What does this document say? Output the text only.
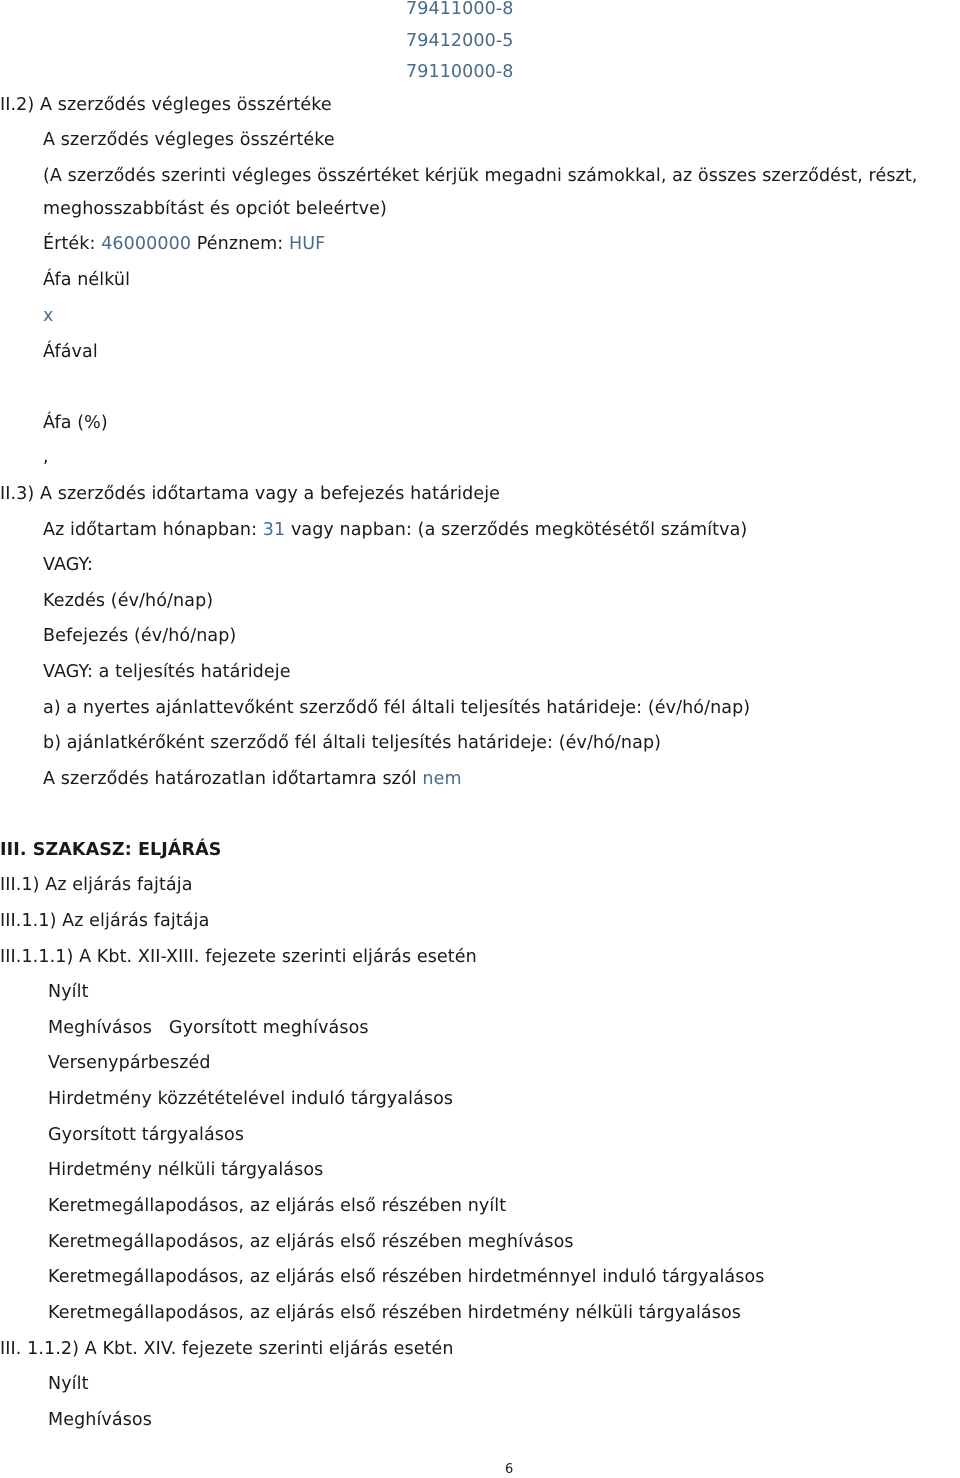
79411000-8
79412000-5
79110000-8
II.2) A szerződés végleges összértéke
A szerződés végleges összértéke
(A szerződés szerinti végleges összértéket kérjük megadni számokkal, az összes szerződést, részt,
meghosszabbítást és opciót beleértve)
Érték: 46000000 Pénznem: HUF
Áfa nélkül
x
Áfával
Áfa (%)
,
II.3) A szerződés időtartama vagy a befejezés határideje
Az időtartam hónapban: 31 vagy napban: (a szerződés megkötésétől számítva)
VAGY:
Kezdés (év/hó/nap)
Befejezés (év/hó/nap)
VAGY: a teljesítés határideje
a) a nyertes ajánlattevőként szerződő fél általi teljesítés határideje: (év/hó/nap)
b) ajánlatkérőként szerződő fél általi teljesítés határideje: (év/hó/nap)
A szerződés határozatlan időtartamra szól nem
III. SZAKASZ: ELJÁRÁS
III.1) Az eljárás fajtája
III.1.1) Az eljárás fajtája
III.1.1.1) A Kbt. XII-XIII. fejezete szerinti eljárás esetén
Nyílt
Meghívásos   Gyorsított meghívásos
Versenypárbeszéd
Hirdetmény közzétételével induló tárgyalásos
Gyorsított tárgyalásos
Hirdetmény nélküli tárgyalásos
Keretmegállapodásos, az eljárás első részében nyílt
Keretmegállapodásos, az eljárás első részében meghívásos
Keretmegállapodásos, az eljárás első részében hirdetménnyel induló tárgyalásos
Keretmegállapodásos, az eljárás első részében hirdetmény nélküli tárgyalásos
III. 1.1.2) A Kbt. XIV. fejezete szerinti eljárás esetén
Nyílt
Meghívásos
6
